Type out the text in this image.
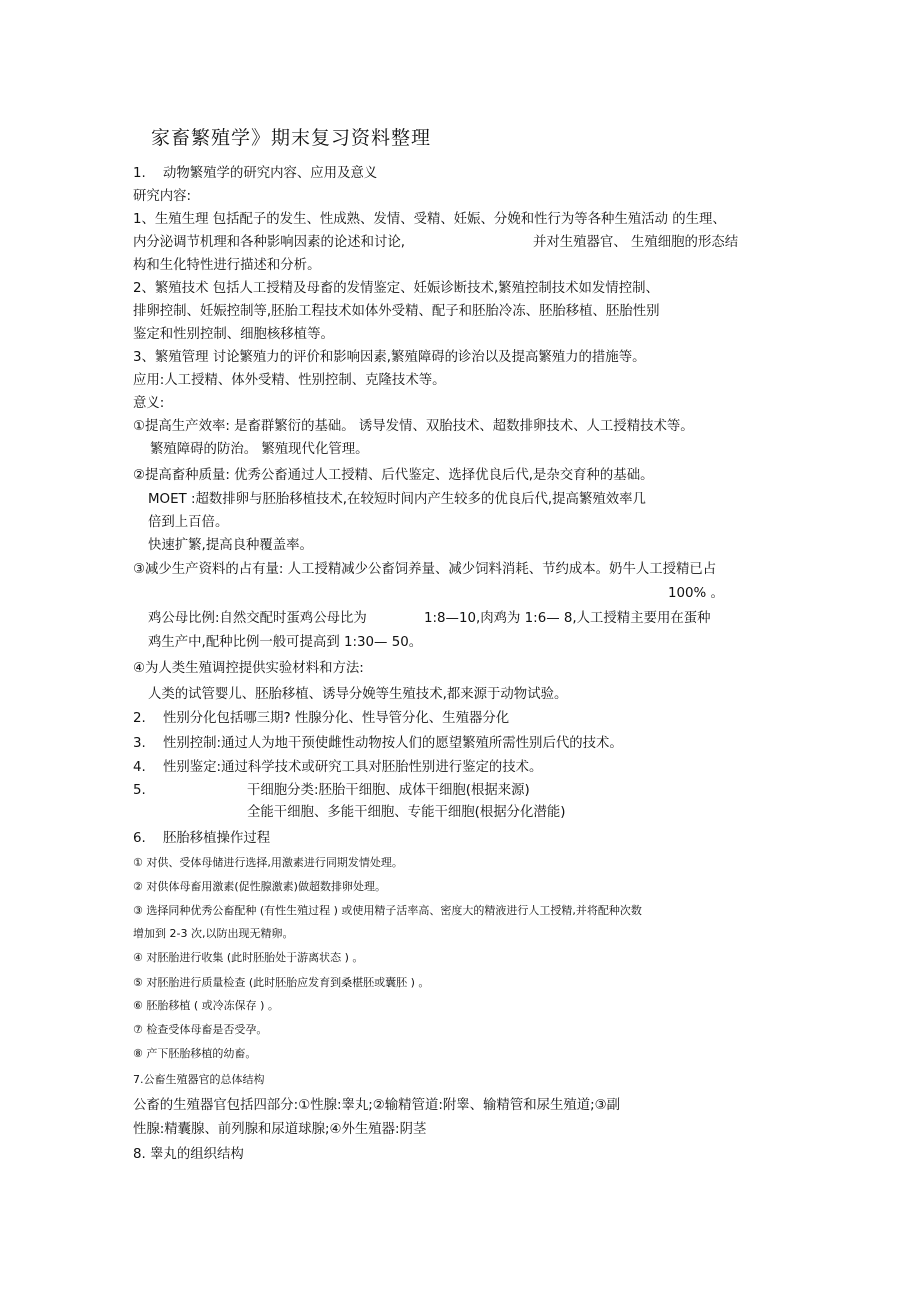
家畜繁殖学》期末复习资料整理
1. 动物繁殖学的研究内容、应用及意义
研究内容:
1、生殖生理 包括配子的发生、性成熟、发情、受精、妊娠、分娩和性行为等各种生殖活动 的生理、
内分泌调节机理和各种影响因素的论述和讨论,	并对生殖器官、 生殖细胞的形态结
构和生化特性进行描述和分析。
2、繁殖技术 包括人工授精及母畜的发情鉴定、妊娠诊断技术,繁殖控制技术如发情控制、
排卵控制、妊娠控制等,胚胎工程技术如体外受精、配子和胚胎冷冻、胚胎移植、胚胎性别
鉴定和性别控制、细胞核移植等。
3、繁殖管理 讨论繁殖力的评价和影响因素,繁殖障碍的诊治以及提高繁殖力的措施等。
应用:人工授精、体外受精、性别控制、克隆技术等。
意义:
①提高生产效率: 是畜群繁衍的基础。 诱导发情、双胎技术、超数排卵技术、人工授精技术等。
繁殖障碍的防治。 繁殖现代化管理。
②提高畜种质量: 优秀公畜通过人工授精、后代鉴定、选择优良后代,是杂交育种的基础。
MOET :超数排卵与胚胎移植技术,在较短时间内产生较多的优良后代,提高繁殖效率几
倍到上百倍。
快速扩繁,提高良种覆盖率。
③减少生产资料的占有量: 人工授精减少公畜饲养量、减少饲料消耗、节约成本。奶牛人工授精已占
100% 。
鸡公母比例:自然交配时蛋鸡公母比为	1:8—10,肉鸡为 1:6— 8,人工授精主要用在蛋种
鸡生产中,配种比例一般可提高到 1:30— 50。
④为人类生殖调控提供实验材料和方法:
人类的试管婴儿、胚胎移植、诱导分娩等生殖技术,都来源于动物试验。
2. 性别分化包括哪三期? 性腺分化、性导管分化、生殖器分化
3. 性别控制:通过人为地干预使雌性动物按人们的愿望繁殖所需性别后代的技术。
4. 性别鉴定:通过科学技术或研究工具对胚胎性别进行鉴定的技术。
5.	干细胞分类:胚胎干细胞、成体干细胞(根据来源)
全能干细胞、多能干细胞、专能干细胞(根据分化潜能)
6. 胚胎移植操作过程
① 对供、受体母储进行选择,用激素进行同期发情处理。
② 对供体母畜用激素(促性腺激素)做超数排卵处理。
③ 选择同种优秀公畜配种 (有性生殖过程 ) 或使用精子活率高、密度大的精液进行人工授精,并将配种次数
增加到 2-3 次,以防出现无精卵。
④ 对胚胎进行收集 (此时胚胎处于游离状态 ) 。
⑤ 对胚胎进行质量检查 (此时胚胎应发育到桑椹胚或囊胚 ) 。
⑥ 胚胎移植 ( 或冷冻保存 ) 。
⑦ 检查受体母畜是否受孕。
⑧ 产下胚胎移植的幼畜。
7.公畜生殖器官的总体结构
公畜的生殖器官包括四部分:①性腺:睾丸;②输精管道:附睾、输精管和尿生殖道;③副
性腺:精囊腺、前列腺和尿道球腺;④外生殖器:阴茎
8. 睾丸的组织结构
